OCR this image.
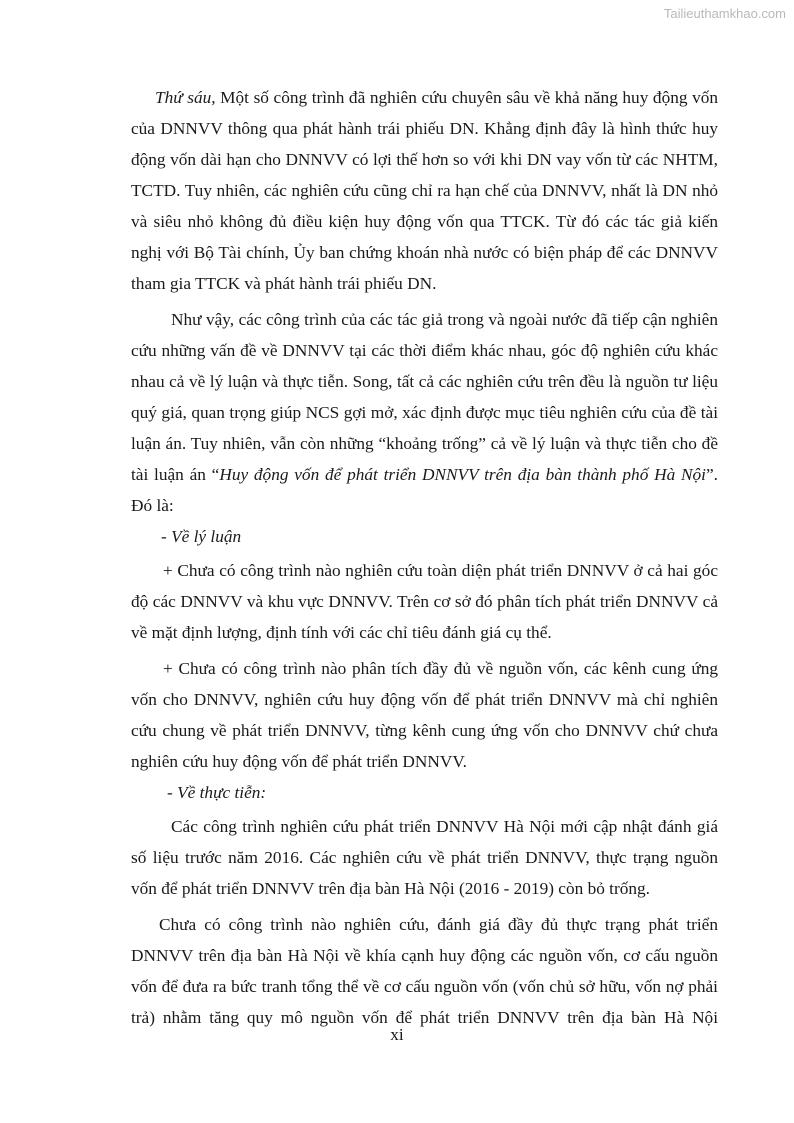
Tailieuthamkhao.com

Thứ sáu, Một số công trình đã nghiên cứu chuyên sâu về khả năng huy động vốn của DNNVV thông qua phát hành trái phiếu DN. Khẳng định đây là hình thức huy động vốn dài hạn cho DNNVV có lợi thế hơn so với khi DN vay vốn từ các NHTM, TCTD. Tuy nhiên, các nghiên cứu cũng chỉ ra hạn chế của DNNVV, nhất là DN nhỏ và siêu nhỏ không đủ điều kiện huy động vốn qua TTCK. Từ đó các tác giả kiến nghị với Bộ Tài chính, Ủy ban chứng khoán nhà nước có biện pháp để các DNNVV tham gia TTCK và phát hành trái phiếu DN.

Như vậy, các công trình của các tác giả trong và ngoài nước đã tiếp cận nghiên cứu những vấn đề về DNNVV tại các thời điểm khác nhau, góc độ nghiên cứu khác nhau cả về lý luận và thực tiễn. Song, tất cả các nghiên cứu trên đều là nguồn tư liệu quý giá, quan trọng giúp NCS gợi mở, xác định được mục tiêu nghiên cứu của đề tài luận án. Tuy nhiên, vẫn còn những “khoảng trống” cả về lý luận và thực tiễn cho đề tài luận án “Huy động vốn để phát triển DNNVV trên địa bàn thành phố Hà Nội”. Đó là:

- Về lý luận

+ Chưa có công trình nào nghiên cứu toàn diện phát triển DNNVV ở cả hai góc độ các DNNVV và khu vực DNNVV. Trên cơ sở đó phân tích phát triển DNNVV cả về mặt định lượng, định tính với các chỉ tiêu đánh giá cụ thể.

+ Chưa có công trình nào phân tích đầy đủ về nguồn vốn, các kênh cung ứng vốn cho DNNVV, nghiên cứu huy động vốn để phát triển DNNVV mà chỉ nghiên cứu chung về phát triển DNNVV, từng kênh cung ứng vốn cho DNNVV chứ chưa nghiên cứu huy động vốn để phát triển DNNVV.

- Về thực tiễn:

Các công trình nghiên cứu phát triển DNNVV Hà Nội mới cập nhật đánh giá số liệu trước năm 2016. Các nghiên cứu về phát triển DNNVV, thực trạng nguồn vốn để phát triển DNNVV trên địa bàn Hà Nội (2016 - 2019) còn bỏ trống.

Chưa có công trình nào nghiên cứu, đánh giá đầy đủ thực trạng phát triển DNNVV trên địa bàn Hà Nội về khía cạnh huy động các nguồn vốn, cơ cấu nguồn vốn để đưa ra bức tranh tổng thể về cơ cấu nguồn vốn (vốn chủ sở hữu, vốn nợ phải trả) nhằm tăng quy mô nguồn vốn để phát triển DNNVV trên địa bàn Hà Nội

xi
